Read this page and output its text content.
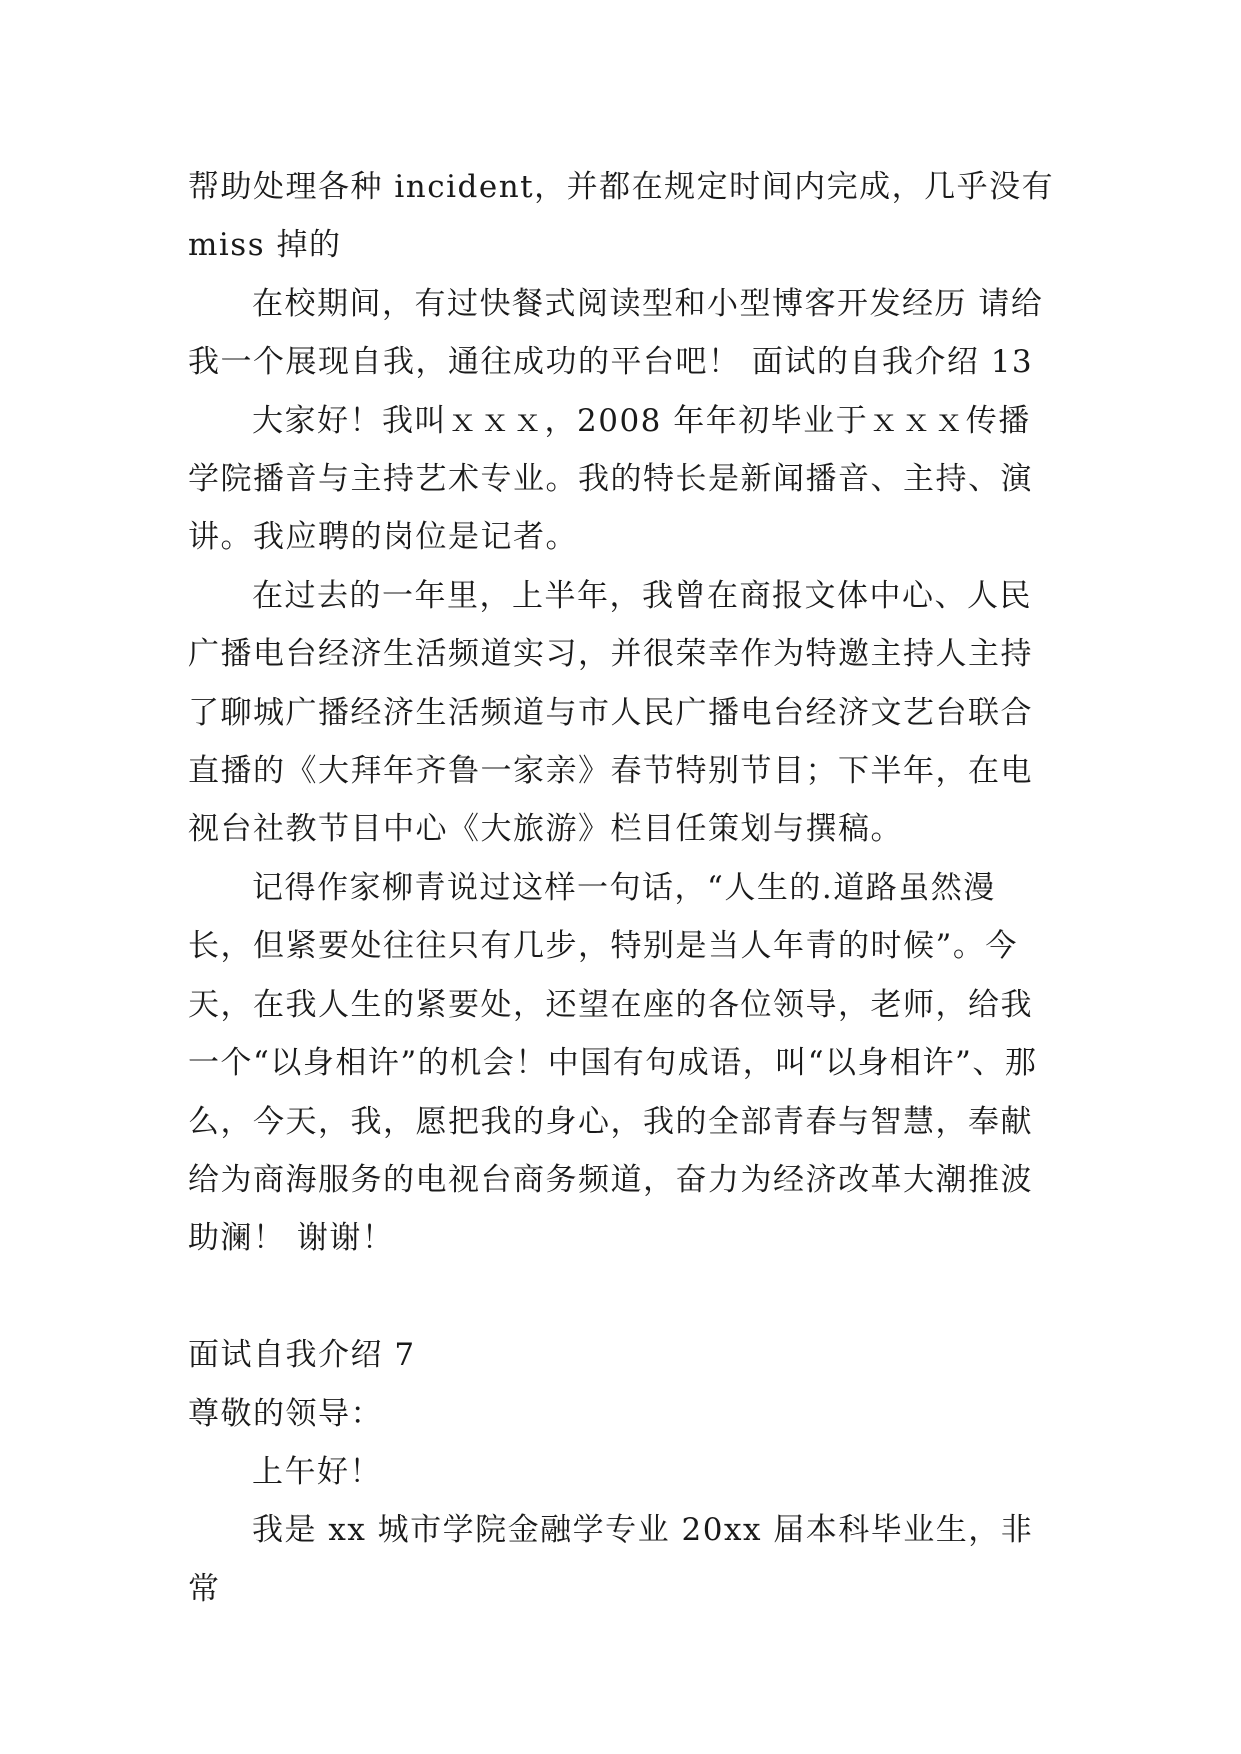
帮助处理各种 incident，并都在规定时间内完成，几乎没有 miss 掉的

在校期间，有过快餐式阅读型和小型博客开发经历 请给我一个展现自我，通往成功的平台吧！ 面试的自我介绍 13

大家好！我叫ｘｘｘ，2008 年年初毕业于ｘｘｘ传播学院播音与主持艺术专业。我的特长是新闻播音、主持、演讲。我应聘的岗位是记者。

在过去的一年里，上半年，我曾在商报文体中心、人民广播电台经济生活频道实习，并很荣幸作为特邀主持人主持了聊城广播经济生活频道与市人民广播电台经济文艺台联合直播的《大拜年齐鲁一家亲》春节特别节目；下半年，在电视台社教节目中心《大旅游》栏目任策划与撰稿。

记得作家柳青说过这样一句话，“人生的.道路虽然漫长，但紧要处往往只有几步，特别是当人年青的时候”。今天，在我人生的紧要处，还望在座的各位领导，老师，给我一个“以身相许”的机会！中国有句成语，叫“以身相许”、那么，今天，我，愿把我的身心，我的全部青春与智慧，奉献给为商海服务的电视台商务频道，奋力为经济改革大潮推波助澜！ 谢谢！

面试自我介绍 7

尊敬的领导：

上午好！

我是 xx 城市学院金融学专业 20xx 届本科毕业生，非常
